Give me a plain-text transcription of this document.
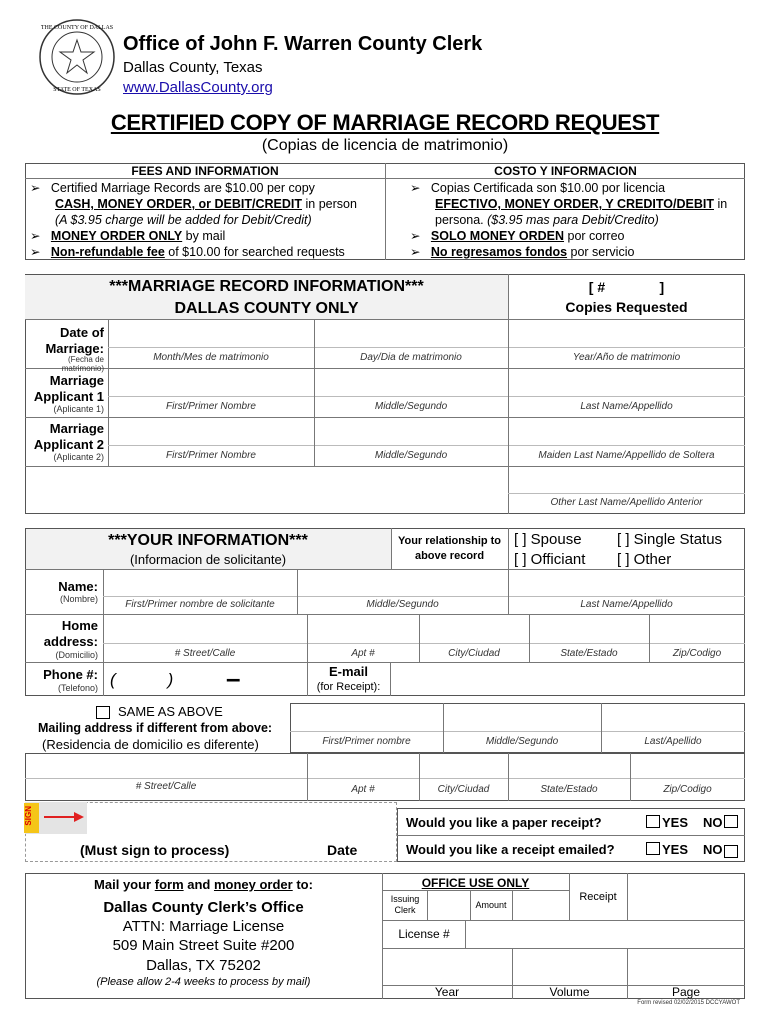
THE COUNTY OF DALLAS
STATE OF TEXAS
Office of John F. Warren County Clerk
Dallas County, Texas
www.DallasCounty.org
CERTIFIED COPY OF MARRIAGE RECORD REQUEST
(Copias de licencia de matrimonio)
FEES AND INFORMATION	COSTO Y INFORMACION
➢ Certified Marriage Records are $10.00 per copy
CASH, MONEY ORDER, or DEBIT/CREDIT in person
(A $3.95 charge will be added for Debit/Credit)
➢ MONEY ORDER ONLY by mail
➢ Non-refundable fee of $10.00 for searched requests
➢ Copias Certificada son $10.00 por licencia
EFECTIVO, MONEY ORDER, Y CREDITO/DEBIT in
persona. ($3.95 mas para Debit/Credito)
➢ SOLO MONEY ORDEN por correo
➢ No regresamos fondos por servicio
***MARRIAGE RECORD INFORMATION***
DALLAS COUNTY ONLY
[ #              ]
Copies Requested
Date of Marriage:
(Fecha de matrimonio)
Month/Mes de matrimonio	Day/Dia de matrimonio	Year/Año de matrimonio
Marriage Applicant 1
(Aplicante 1)	First/Primer Nombre	Middle/Segundo	Last Name/Appellido
Marriage Applicant 2
(Aplicante 2)	First/Primer Nombre	Middle/Segundo	Maiden Last Name/Appellido de Soltera
Other Last Name/Apellido Anterior
***YOUR INFORMATION***
(Informacion de solicitante)
Your relationship to above record
[ ] Spouse [ ] Single Status
[ ] Officiant [ ] Other
Name:
(Nombre)	First/Primer nombre de solicitante	Middle/Segundo	Last Name/Appellido
Home address:
(Domicilio)	# Street/Calle	Apt #	City/Ciudad	State/Estado	Zip/Codigo
Phone #:
(Telefono) (           ) –	E-mail
(for Receipt):
SAME AS ABOVE
Mailing address if different from above:
(Residencia de domicilio es diferente)	First/Primer nombre	Middle/Segundo	Last/Apellido
# Street/Calle	Apt #	City/Ciudad	State/Estado	Zip/Codigo
SIGN
(Must sign to process)	Date
Would you like a paper receipt?	YES NO
Would you like a receipt emailed?	YES NO
Mail your form and money order to:
Dallas County Clerk’s Office
ATTN: Marriage License
509 Main Street Suite #200
Dallas, TX 75202
(Please allow 2-4 weeks to process by mail)
OFFICE USE ONLY
Issuing Clerk	Amount
Receipt
License #
Year	Volume	Page
Form revised 02/02/2015 DCCYAWOT
